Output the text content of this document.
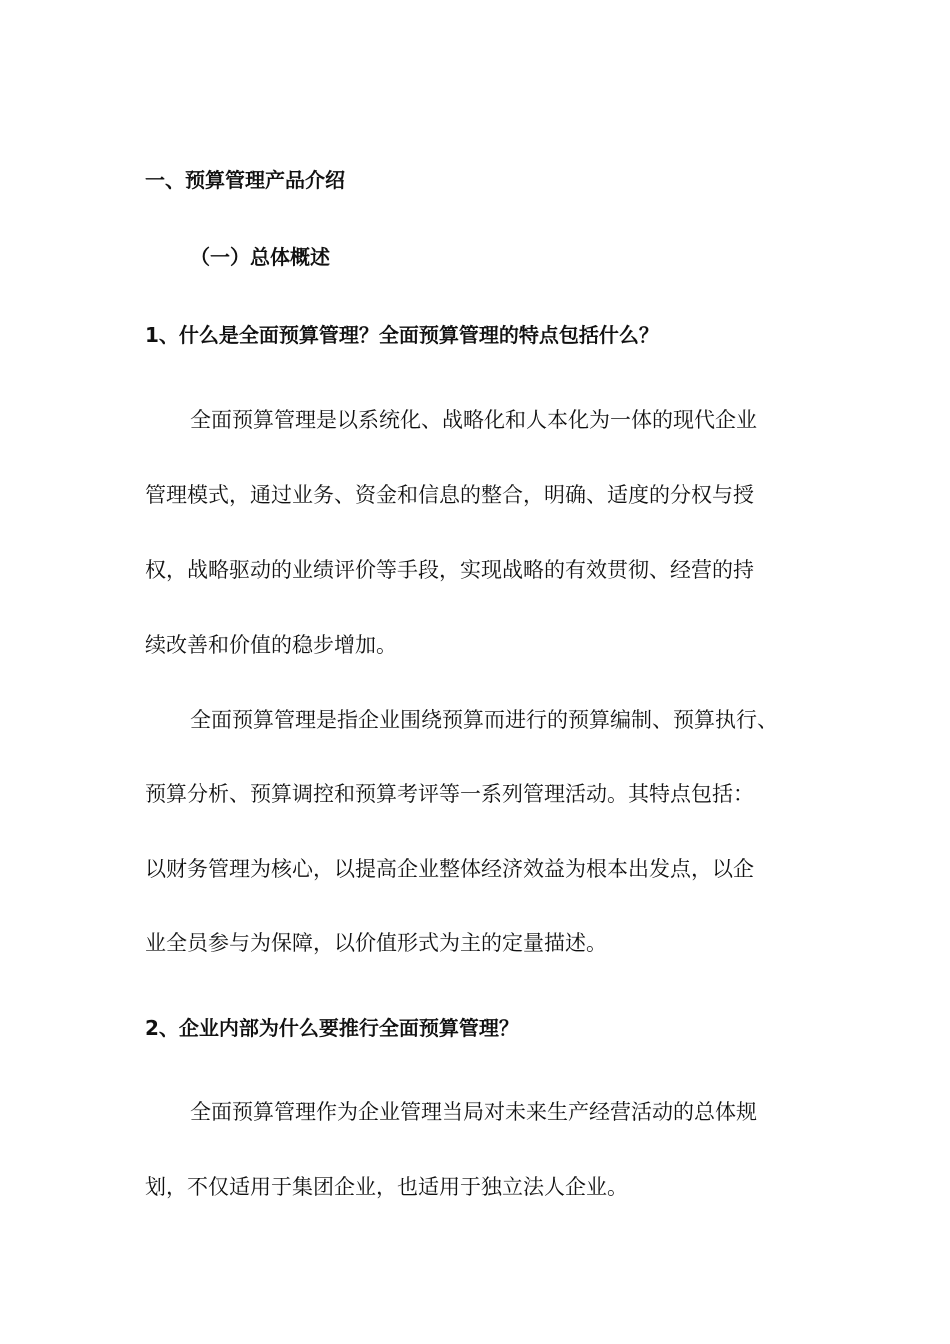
一、预算管理产品介绍

（一）总体概述

1、什么是全面预算管理？全面预算管理的特点包括什么？

全面预算管理是以系统化、战略化和人本化为一体的现代企业

管理模式，通过业务、资金和信息的整合，明确、适度的分权与授

权，战略驱动的业绩评价等手段，实现战略的有效贯彻、经营的持

续改善和价值的稳步增加。

全面预算管理是指企业围绕预算而进行的预算编制、预算执行、

预算分析、预算调控和预算考评等一系列管理活动。其特点包括：

以财务管理为核心，以提高企业整体经济效益为根本出发点，以企

业全员参与为保障，以价值形式为主的定量描述。

2、企业内部为什么要推行全面预算管理？

全面预算管理作为企业管理当局对未来生产经营活动的总体规

划，不仅适用于集团企业，也适用于独立法人企业。
